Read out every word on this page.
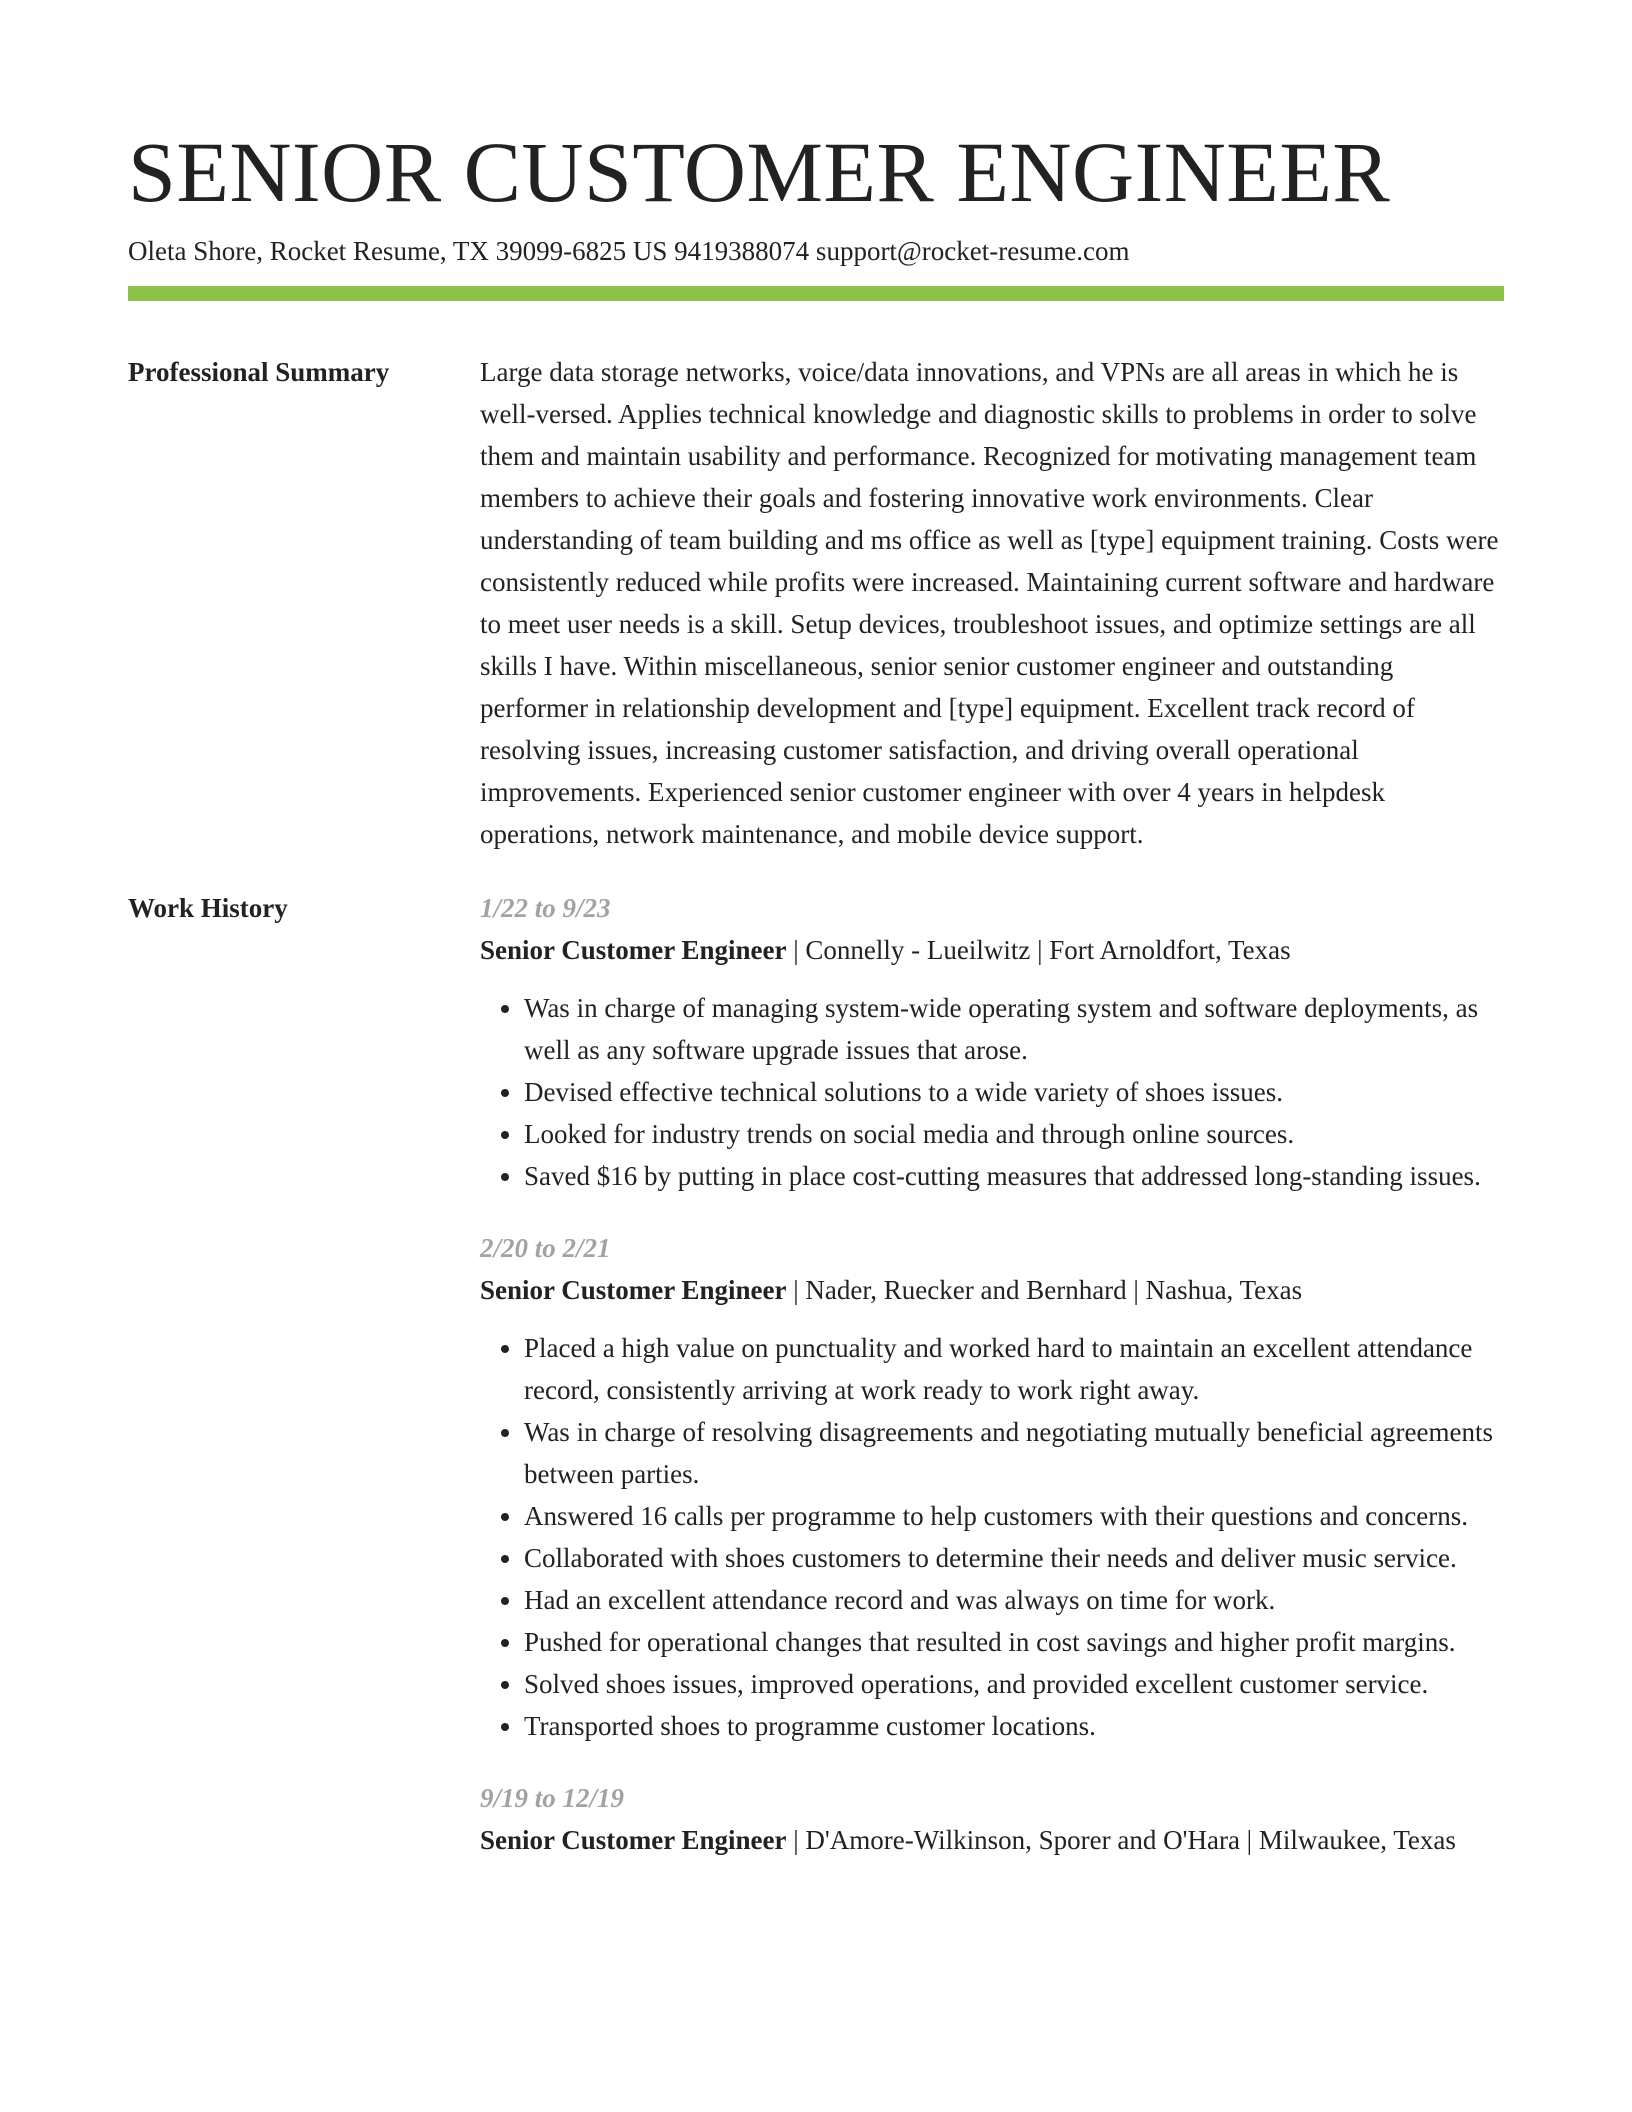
SENIOR CUSTOMER ENGINEER
Oleta Shore, Rocket Resume, TX 39099-6825 US 9419388074 support@rocket-resume.com
Professional Summary	Large data storage networks, voice/data innovations, and VPNs are all areas in which he is well-versed. Applies technical knowledge and diagnostic skills to problems in order to solve them and maintain usability and performance. Recognized for motivating management team members to achieve their goals and fostering innovative work environments. Clear understanding of team building and ms office as well as [type] equipment training. Costs were consistently reduced while profits were increased. Maintaining current software and hardware to meet user needs is a skill. Setup devices, troubleshoot issues, and optimize settings are all skills I have. Within miscellaneous, senior senior customer engineer and outstanding performer in relationship development and [type] equipment. Excellent track record of resolving issues, increasing customer satisfaction, and driving overall operational improvements. Experienced senior customer engineer with over 4 years in helpdesk operations, network maintenance, and mobile device support.

Work History	1/22 to 9/23
Senior Customer Engineer | Connelly - Lueilwitz | Fort Arnoldfort, Texas
• Was in charge of managing system-wide operating system and software deployments, as well as any software upgrade issues that arose.
• Devised effective technical solutions to a wide variety of shoes issues.
• Looked for industry trends on social media and through online sources.
• Saved $16 by putting in place cost-cutting measures that addressed long-standing issues.
2/20 to 2/21
Senior Customer Engineer | Nader, Ruecker and Bernhard | Nashua, Texas
• Placed a high value on punctuality and worked hard to maintain an excellent attendance record, consistently arriving at work ready to work right away.
• Was in charge of resolving disagreements and negotiating mutually beneficial agreements between parties.
• Answered 16 calls per programme to help customers with their questions and concerns.
• Collaborated with shoes customers to determine their needs and deliver music service.
• Had an excellent attendance record and was always on time for work.
• Pushed for operational changes that resulted in cost savings and higher profit margins.
• Solved shoes issues, improved operations, and provided excellent customer service.
• Transported shoes to programme customer locations.
9/19 to 12/19
Senior Customer Engineer | D'Amore-Wilkinson, Sporer and O'Hara | Milwaukee, Texas
